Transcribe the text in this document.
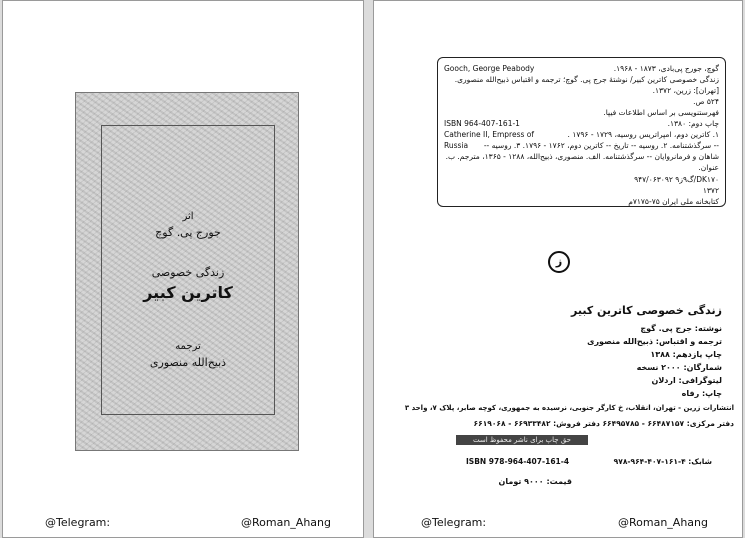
اثر
جورج پی. گوچ
زندگی خصوصی
کاترین کبیر
ترجمه
ذبیح‌الله منصوری
@Telegram:	@Roman_Ahang
Gooch, George Peabody	گوچ، جورج پی‌بادی، ۱۸۷۳ - ۱۹۶۸.
زندگی خصوصی کاترین کبیر/ نوشتهٔ جرج پی. گوچ؛ ترجمه و اقتباس ذبیح‌الله منصوری.
[تهران]: زرین، ۱۳۷۲.
۵۲۴ ص.
فهرستنویسی بر اساس اطلاعات فیپا.
ISBN 964-407-161-1	چاپ دوم: ۱۳۸۰.
Catherine II, Empress of	۱. کاترین دوم، امپراتریس روسیه، ۱۷۲۹ - ۱۷۹۶ .
Russia -- سرگذشتنامه. ۲. روسیه -- تاریخ -- کاترین دوم، ۱۷۶۲ - ۱۷۹۶. ۳. روسیه --
شاهان و فرمانروایان -- سرگذشتنامه. الف. منصوری، ذبیح‌الله، ۱۲۸۸ - ۱۳۶۵، مترجم. ب.
عنوان.
DK۱۷۰/گ۹ز۹ ۹۴۷/۰۶۳۰۹۲
۱۳۷۲
کتابخانه ملی ایران ۷۵-۷۱۷۵م
ز
زندگی خصوصی کاترین کبیر
نوشته: جرج پی. گوچ
ترجمه و اقتباس: ذبیح‌الله منصوری
چاپ یازدهم: ۱۳۸۸
شمارگان: ۲۰۰۰ نسخه
لیتوگرافی: اردلان
چاپ: رفاه
انتشارات زرین - تهران، انقلاب، خ کارگر جنوبی، نرسیده به جمهوری، کوچه صابر، پلاک ۷، واحد ۳
دفتر مرکزی: ۶۶۴۸۷۱۵۷ - ۶۶۴۹۵۷۸۵ دفتر فروش: ۶۶۹۳۳۴۸۲ - ۶۶۱۹۰۶۸
حق چاپ برای ناشر محفوظ است
شابک: ۴-۱۶۱-۴۰۷-۹۶۴-۹۷۸
ISBN 978-964-407-161-4
قیمت: ۹۰۰۰ تومان
@Telegram:	@Roman_Ahang
